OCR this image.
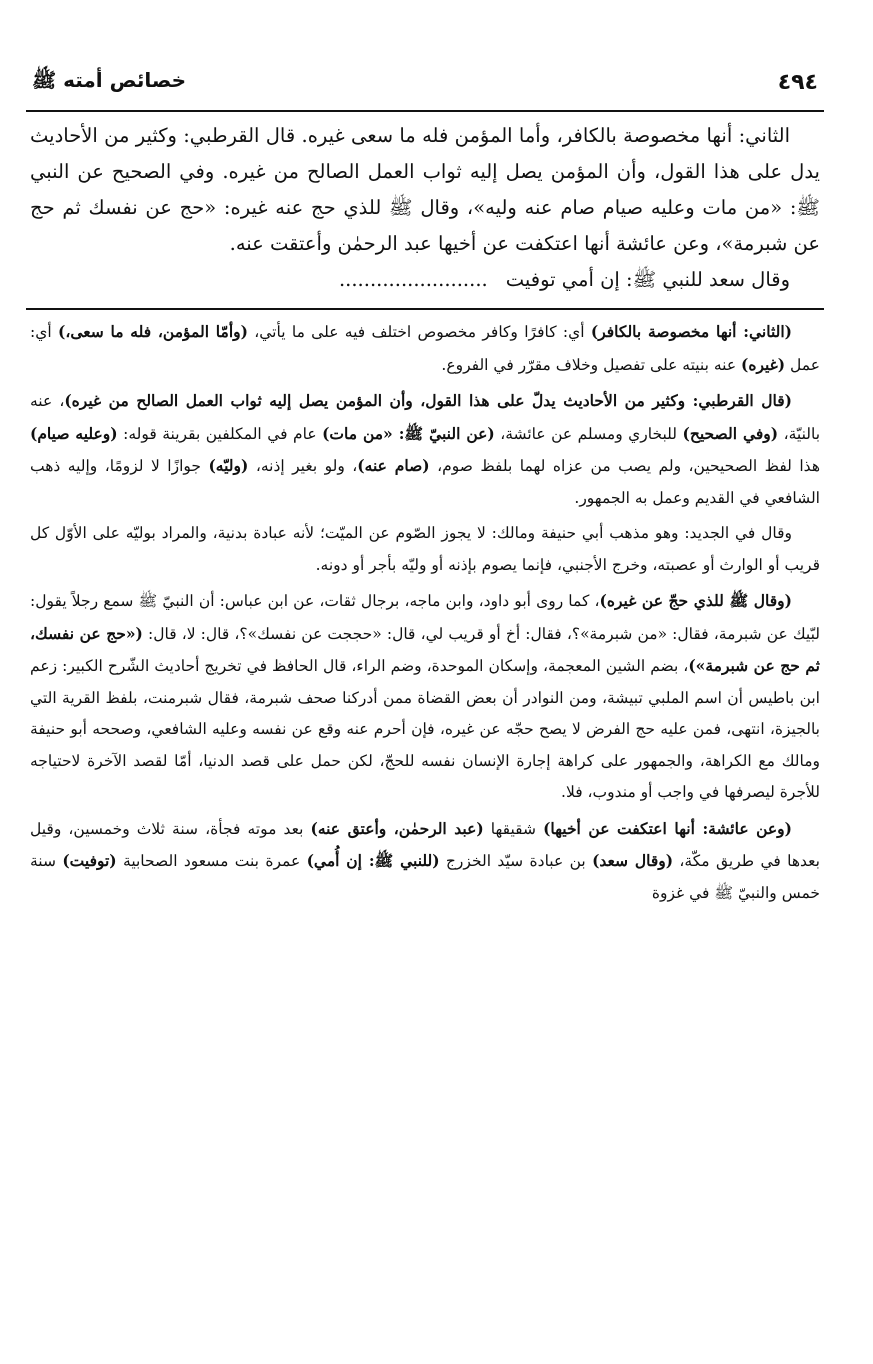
٤٩٤
خصائص أمته ﷺ

الثاني: أنها مخصوصة بالكافر، وأما المؤمن فله ما سعى غيره. قال القرطبي: وكثير من الأحاديث يدل على هذا القول، وأن المؤمن يصل إليه ثواب العمل الصالح من غيره. وفي الصحيح عن النبي ﷺ: «من مات وعليه صيام صام عنه وليه»، وقال ﷺ للذي حج عنه غيره: «حج عن نفسك ثم حج عن شبرمة»، وعن عائشة أنها اعتكفت عن أخيها عبد الرحمٰن وأعتقت عنه.

وقال سعد للنبي ﷺ: إن أمي توفيت........................

(الثاني: أنها مخصوصة بالكافر) أي: كافرًا وكافر مخصوص اختلف فيه على ما يأتي، (وأمّا المؤمن، فله ما سعى،) أي: عمل (غيره) عنه بنيته على تفصيل وخلاف مقرّر في الفروع.

(قال القرطبي: وكثير من الأحاديث يدلّ على هذا القول، وأن المؤمن يصل إليه ثواب العمل الصالح من غيره)، عنه بالنيّة، (وفي الصحيح) للبخاري ومسلم عن عائشة، (عن النبيّ ﷺ: «من مات) عام في المكلفين بقرينة قوله: (وعليه صيام) هذا لفظ الصحيحين، ولم يصب من عزاه لهما بلفظ صوم، (صام عنه)، ولو بغير إذنه، (وليّه) جوازًا لا لزومًا، وإليه ذهب الشافعي في القديم وعمل به الجمهور.

وقال في الجديد: وهو مذهب أبي حنيفة ومالك: لا يجوز الصّوم عن الميّت؛ لأنه عبادة بدنية، والمراد بوليّه على الأوّل كل قريب أو الوارث أو عصبته، وخرج الأجنبي، فإنما يصوم بإذنه أو وليّه بأجر أو دونه.

(وقال ﷺ للذي حجّ عن غيره)، كما روى أبو داود، وابن ماجه، برجال ثقات، عن ابن عباس: أن النبيّ ﷺ سمع رجلاً يقول: لبّيك عن شبرمة، فقال: «من شبرمة»؟، فقال: أخ أو قريب لي، قال: «حججت عن نفسك»؟، قال: لا، قال: («حج عن نفسك، ثم حج عن شبرمة»)، بضم الشين المعجمة، وإسكان الموحدة، وضم الراء، قال الحافظ في تخريج أحاديث الشّرح الكبير: زعم ابن باطيس أن اسم الملبي تبيشة، ومن النوادر أن بعض القضاة ممن أدركنا صحف شبرمة، فقال شبرمنت، بلفظ القرية التي بالجيزة، انتهى، فمن عليه حج الفرض لا يصح حجّه عن غيره، فإن أحرم عنه وقع عن نفسه وعليه الشافعي، وصححه أبو حنيفة ومالك مع الكراهة، والجمهور على كراهة إجارة الإنسان نفسه للحجّ، لكن حمل على قصد الدنيا، أمّا لقصد الآخرة لاحتياجه للأجرة ليصرفها في واجب أو مندوب، فلا.

(وعن عائشة: أنها اعتكفت عن أخيها) شقيقها (عبد الرحمٰن، وأعتق عنه) بعد موته فجأة، سنة ثلاث وخمسين، وقيل بعدها في طريق مكّة، (وقال سعد) بن عبادة سيّد الخزرج (للنبي ﷺ: إن أُمي) عمرة بنت مسعود الصحابية (توفيت) سنة خمس والنبيّ ﷺ في غزوة
